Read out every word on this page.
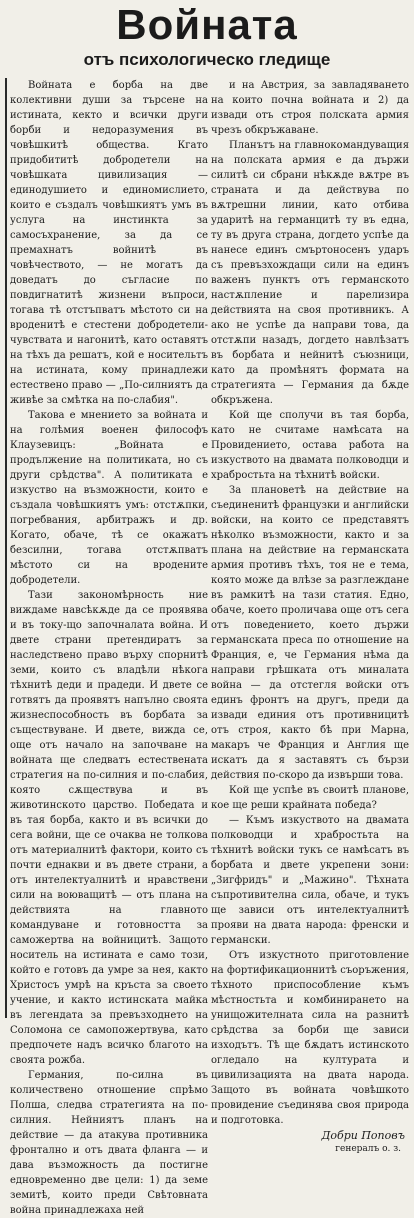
Войната
отъ психологическо гледище

Войната е борба на две колективни души за търсене на истината, кекто и всички други борби и недоразумения въ човѣшкитѣ общества. Кгато придобититѣ добродетели на човѣшката цивилизация — единодушието и единомислието, които е създалъ човѣшкиятъ умъ въ услуга на инстинкта за самосъхранение, за да се премахнатъ войнитѣ въ човѣчеството, — не могатъ да доведатъ до съгласие по повдигнатитѣ жизнени въпроси, тогава тѣ отстъпватъ мѣстото си на вроденитѣ е стестени добродетели-чувствата и нагонитѣ, като оставятъ на тѣхъ да решатъ, кой е носительтъ на истината, кому принадлежи естествено право — „По-силниятъ да живѣе за смѣтка на по-слабия".

Такова е мнението за войната и на голѣмия военен философъ Клаузевицъ: „Войната е продължение на политиката, но съ други срѣдства". А политиката е изкуство на възможности, които е създала човѣшкиятъ умъ: отстѫпки, погребвания, арбитражъ и др. Когато, обаче, тѣ се окажатъ безсилни, тогава отстѫпватъ мѣстото си на вродените добродетели.

Тази закономѣрность ние виждаме навсѣкѫде да се проявява и въ току-що започналата война. И двете страни претендиратъ за наследствено право върху спорнитѣ земи, които съ владѣли нѣкога тѣхнитѣ деди и прадеди. И двете се готвятъ да проявятъ напълно своята жизнеспособность въ борбата за съществуване. И двете, вижда се, още отъ начало на започване на войната ще следватъ естествената стратегия на по-силния и по-слабия, която сѫществува и въ животинското царство. Победата и въ тая борба, както и въ всички до сега войни, ще се очаква не толкова отъ материалнитѣ фактори, които съ почти еднакви и въ двете страни, а отъ интелектуалнитѣ и нравствени сили на воюващитѣ — отъ плана на действията на главното командуване и готовността за саможертва на войницитѣ. Защото носитель на истината е само този, който е готовъ да умре за нея, както Христосъ умрѣ на кръста за своето учение, и както истинската майка въ легендата за превъзходнето на Соломона се самопожертвува, като предпочете надъ всичко благото на своята рожба.

Германия, по-силна въ количествено отношение спрѣмо Полша, следва стратегията на по-силния. Нейниятъ планъ на действие — да атакува противника фронтално и отъ двата фланга — и дава възможность да постигне едновременно две цели: 1) да земе земитѣ, които преди Свѣтовната война принадлежаха ней

и на Австрия, за завладяването на които почна войната и 2) да извади отъ строя полската армия чрезъ обкръжаване.

Планътъ на главнокомандуващия на полската армия е да държи силитѣ си сбрани нѣкѫде вѫтре въ страната и да действува по вѫтрешни линии, като отбива ударитѣ на германцитѣ ту въ една, ту въ друга страна, догдето успѣе да нанесе единъ смъртоносенъ ударъ съ превъзхождащи сили на единъ важенъ пунктъ отъ германското настѫпление и парелизира действията на своя противникъ. А ако не успѣе да направи това, да отстѫпи назадъ, догдето навлѣзатъ въ борбата и нейнитѣ съюзници, като да промѣнятъ формата на стратегията — Германия да бѫде обкръжена.

Кой ще сполучи въ тая борба, като не считаме намѣсата на Провидението, остава работа на изкуството на двамата полководци и храбростьта на тѣхнитѣ войски.

За плановетѣ на действие на съединенитѣ французки и английски войски, на които се представятъ нѣколко възможности, както и за плана на действие на германската армия противъ тѣхъ, тоя не е тема, която може да влѣзе за разглеждане въ рамкитѣ на тази статия. Едно, обаче, което проличава още отъ сега отъ поведението, което държи германската преса по отношение на Франция, е, че Германия нѣма да направи грѣшката отъ миналата война — да отстегля войски отъ единъ фронтъ на другъ, преди да извади единия отъ противницитѣ отъ строя, както бѣ при Марна, макаръ че Франция и Англия ще искатъ да я заставятъ съ бързи действия по-скоро да извърши това.

Кой ще успѣе въ своитѣ планове, кое ще реши крайната победа?

— Къмъ изкуството на двамата полководци и храбростьта на тѣхнитѣ войски тукъ се намѣсатъ въ борбата и двете укрепени зони: „Зигфридъ" и „Мажино". Тѣхната съпротивителна сила, обаче, и тукъ ще зависи отъ интелектуалнитѣ прояви на двата народа: френски и германски.

Отъ изкустното приготовление на фортификационнитѣ съоръжения, тѣхното приспособление къмъ мѣстностьта и комбинирането на унищожителната сила на разнитѣ срѣдства за борби ще зависи изходътъ. Тѣ ще бѫдатъ истинското огледало на културата и цивилизацията на двата народа. Защото въ войната човѣшкото провидение съединява своя природа и подготовка.

Добри Поповъ

генералъ о. з.
